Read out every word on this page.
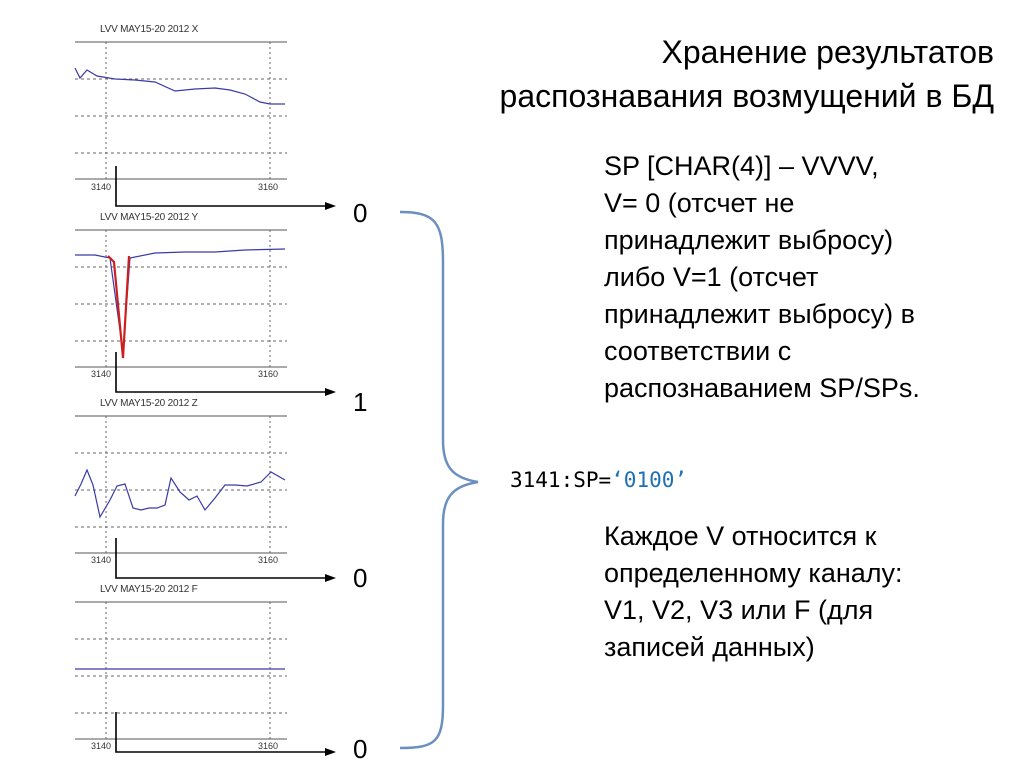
Хранение результатов
распознавания возмущений в БД
SP [CHAR(4)] – VVVV,
V= 0 (отсчет не
принадлежит выбросу)
либо V=1 (отсчет
принадлежит выбросу) в
соответствии с
распознаванием SP/SPs.
3141:SP=‘0100’
Каждое V относится к
определенному каналу:
V1, V2, V3 или F (для
записей данных)
LVV MAY15-20 2012 X
LVV MAY15-20 2012 Y
LVV MAY15-20 2012 Z
LVV MAY15-20 2012 F
3140	3160
3140	3160
3140	3160
3140	3160
0
1
0
0
